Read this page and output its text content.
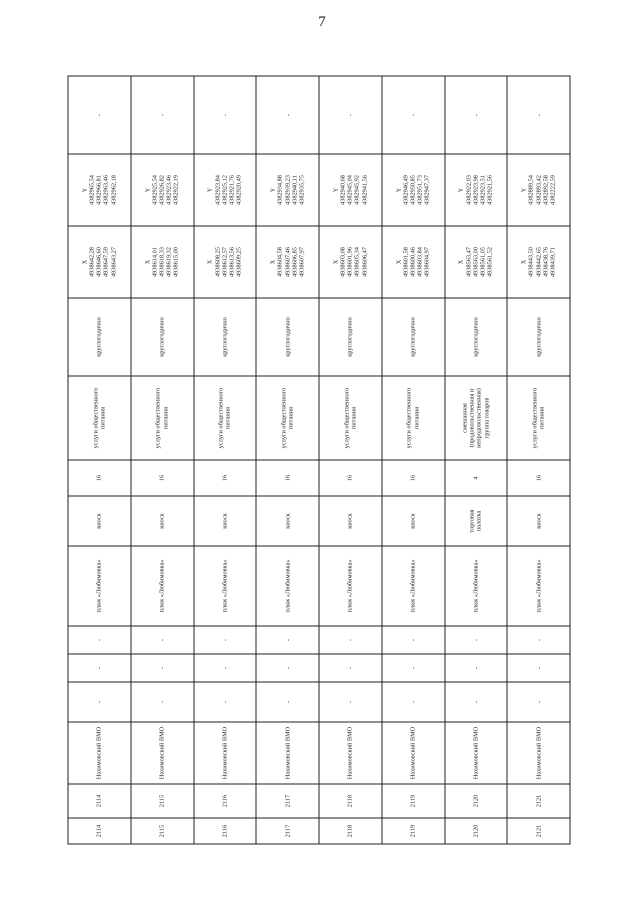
7
2114	2114	Нахимовский ВМО	-	-	-	пляж «Любимовка»	киоск	16	услуги общественного питания	круглогодично	X 4938642,28 4938646,60 4938647,59 4938643,27	Y 4382965,54 4382966,81 4382963,46 4382962,18	-
2115	2115	Нахимовский ВМО	-	-	-	пляж «Любимовка»	киоск	16	услуги общественного питания	круглогодично	X 4938614,01 4938618,33 4938619,32 4938615,00	Y 4382925,54 4382926,82 4382923,46 4382922,19	-
2116	2116	Нахимовский ВМО	-	-	-	пляж «Любимовка»	киоск	16	услуги общественного питания	круглогодично	X 4938608,25 4938612,57 4938613,56 4938609,25	Y 4382923,84 4382925,12 4382921,76 4382920,49	-
2117	2117	Нахимовский ВМО	-	-	-	пляж «Любимовка»	киоск	16	услуги общественного питания	круглогодично	X 4938604,58 4938607,46 4938606,85 4938607,97	Y 4382934,88 4382939,23 4382940,11 4382935,75	-
2118	2118	Нахимовский ВМО	-	-	-	пляж «Любимовка»	киоск	16	услуги общественного питания	круглогодично	X 4938603,08 4938601,96 4938605,34 4938606,47	Y 4382940,68 4382945,04 4382945,92 4382941,56	-
2119	2119	Нахимовский ВМО	-	-	-	пляж «Любимовка»	киоск	16	услуги общественного питания	круглогодично	X 4938601,58 4938600,46 4938603,84 4938604,97	Y 4382946,49 4382950,85 4382951,73 4382947,37	-
2120	2120	Нахимовский ВМО	-	-	-	пляж «Любимовка»	торговая палатка	4	смешанная (продовольственная и непродовольственная) группа товаров	круглогодично	X 4938563,47 4938563,00 4938561,05 4938561,52	Y 4382922,03 4382923,98 4382923,51 4382921,56	-
2121	2121	Нахимовский ВМО	-	-	-	пляж «Любимовка»	киоск	16	услуги общественного питания	круглогодично	X 4938443,50 4938442,65 4938438,76 4938439,71	Y 4382889,54 4382893,42 4382892,58 4382222,59	-
